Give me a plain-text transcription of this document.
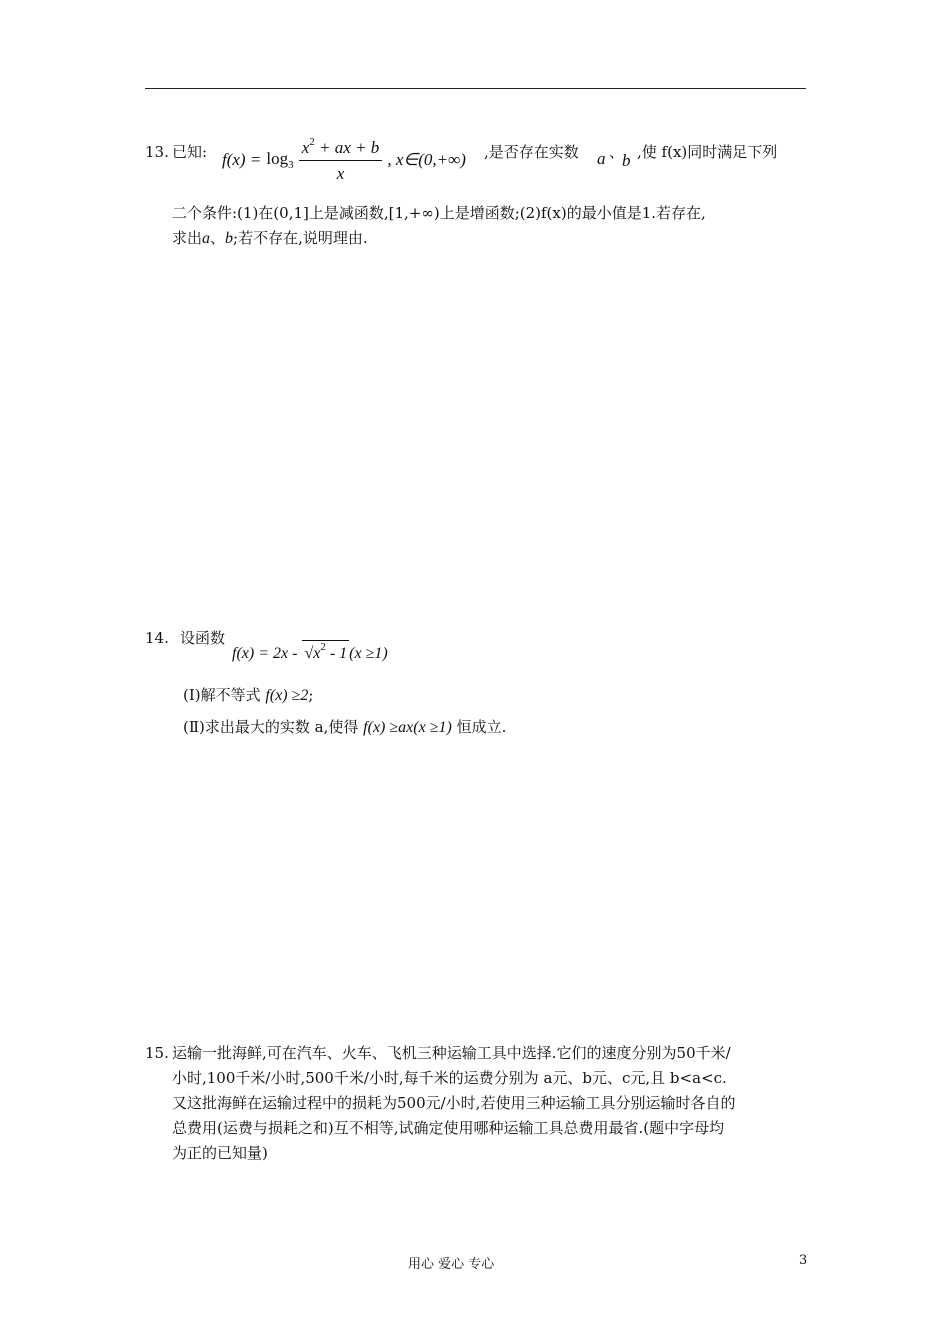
13. 已知: $f(x) = \log_3 \frac{x^2 + ax + b}{x}$ , x∈(0,+∞) ,是否存在实数 a 、
b ,使 f(x)同时满足下列
二个条件:(1)在(0,1]上是减函数,[1,+∞)上是增函数;(2)f(x)的最小值是1.若存在,
求出a、b;若不存在,说明理由.
14. 设函数
$f(x) = 2x - √x^2 - 1$ (x ≥1)
(Ⅰ)解不等式 f(x) ≥2;
(Ⅱ)求出最大的实数 a,使得 f(x) ≥ax(x ≥1) 恒成立.
15. 运输一批海鲜,可在汽车、火车、飞机三种运输工具中选择.它们的速度分别为50千米/
小时,100千米/小时,500千米/小时,每千米的运费分别为 a元、b元、c元,且 b<a<c.
又这批海鲜在运输过程中的损耗为500元/小时,若使用三种运输工具分别运输时各自的
总费用(运费与损耗之和)互不相等,试确定使用哪种运输工具总费用最省.(题中字母均
为正的已知量)
用心 爱心 专心	3
